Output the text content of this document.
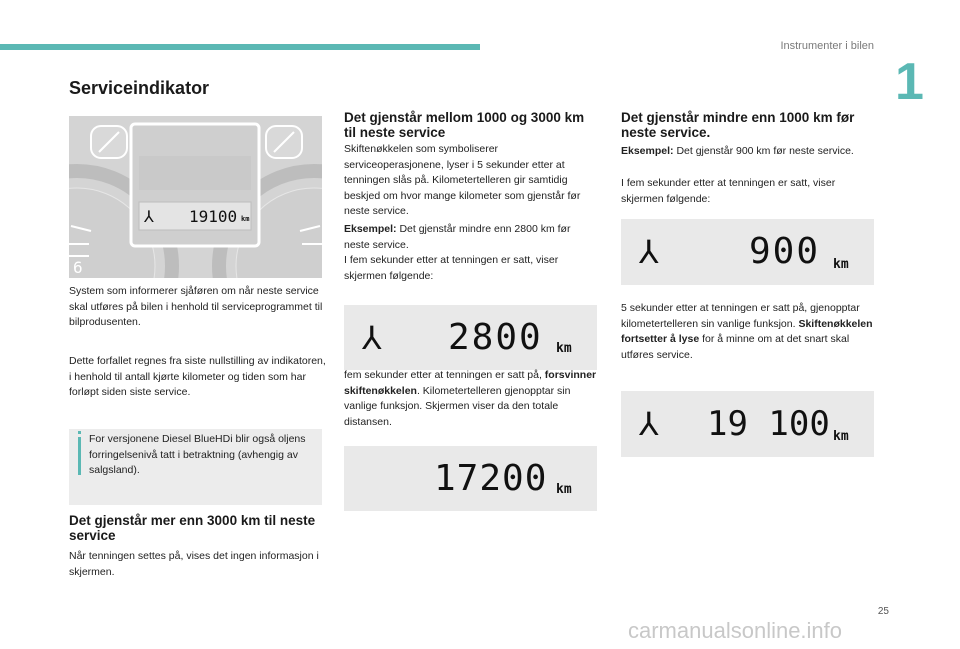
Instrumenter i bilen
1
Serviceindikator
⅄ 19100 km
6

System som informerer sjåføren om når neste service skal utføres på bilen i henhold til serviceprogrammet til bilprodusenten.

Dette forfallet regnes fra siste nullstilling av indikatoren, i henhold til antall kjørte kilometer og tiden som har forløpt siden siste service.

For versjonene Diesel BlueHDi blir også oljens forringelsenivå tatt i betraktning (avhengig av salgsland).

Det gjenstår mer enn 3000 km til neste service

Når tenningen settes på, vises det ingen informasjon i skjermen.

Det gjenstår mellom 1000 og 3000 km til neste service

Skiftenøkkelen som symboliserer serviceoperasjonene, lyser i 5 sekunder etter at tenningen slås på. Kilometertelleren gir samtidig beskjed om hvor mange kilometer som gjenstår før neste service.

Eksempel: Det gjenstår mindre enn 2800 km før neste service.

I fem sekunder etter at tenningen er satt, viser skjermen følgende:

⅄ 2800 km

fem sekunder etter at tenningen er satt på, forsvinner skiftenøkkelen. Kilometertelleren gjenopptar sin vanlige funksjon. Skjermen viser da den totale distansen.

17200 km
Det gjenstår mindre enn 1000 km før neste service.

Eksempel: Det gjenstår 900 km før neste service.

I fem sekunder etter at tenningen er satt, viser skjermen følgende:

⅄	900 km

5 sekunder etter at tenningen er satt på, gjenopptar kilometertelleren sin vanlige funksjon. Skiftenøkkelen fortsetter å lyse for å minne om at det snart skal utføres service.

⅄ 19 100 km
25
carmanualsonline.info
